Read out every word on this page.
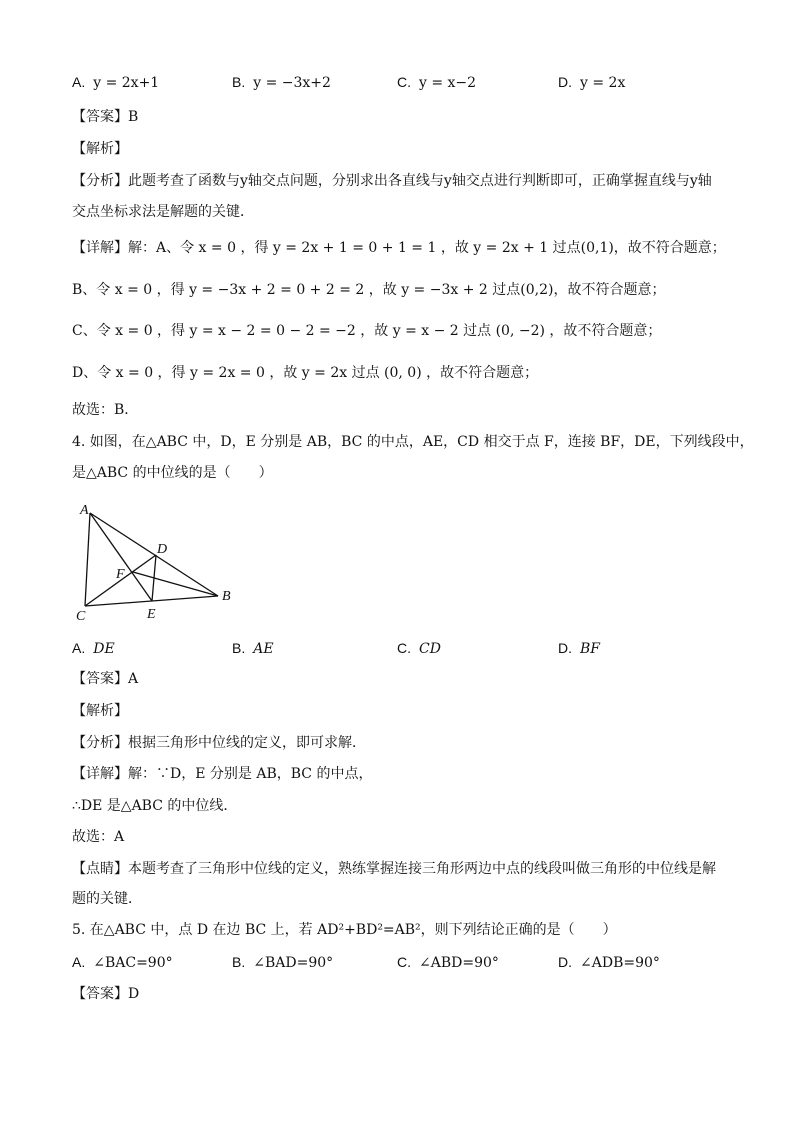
A. y = 2x+1	B. y = −3x+2	C. y = x−2	D. y = 2x
【答案】B
【解析】
【分析】此题考查了函数与y轴交点问题，分别求出各直线与y轴交点进行判断即可，正确掌握直线与y轴
交点坐标求法是解题的关键．
【详解】解：A、令 x = 0 ，得 y = 2x + 1 = 0 + 1 = 1 ，故 y = 2x + 1 过点(0,1)，故不符合题意；
B、令 x = 0 ，得 y = −3x + 2 = 0 + 2 = 2 ，故 y = −3x + 2 过点(0,2)，故不符合题意；
C、令 x = 0 ，得 y = x − 2 = 0 − 2 = −2 ，故 y = x − 2 过点 (0, −2) ，故不符合题意；
D、令 x = 0 ，得 y = 2x = 0 ，故 y = 2x 过点 (0, 0) ，故不符合题意；
故选：B．
4. 如图，在△ABC 中，D，E 分别是 AB，BC 的中点，AE，CD 相交于点 F，连接 BF，DE，下列线段中，
是△ABC 的中位线的是（　　）
A
D
F
C	E
B
A. DE	B. AE	C. CD	D. BF
【答案】A
【解析】
【分析】根据三角形中位线的定义，即可求解．
【详解】解：∵D，E 分别是 AB，BC 的中点，
∴DE 是△ABC 的中位线．
故选：A
【点睛】本题考查了三角形中位线的定义，熟练掌握连接三角形两边中点的线段叫做三角形的中位线是解
题的关键．
5. 在△ABC 中，点 D 在边 BC 上，若 AD²+BD²=AB²，则下列结论正确的是（　　）
A. ∠BAC=90°	B. ∠BAD=90°	C. ∠ABD=90°	D. ∠ADB=90°
【答案】D
